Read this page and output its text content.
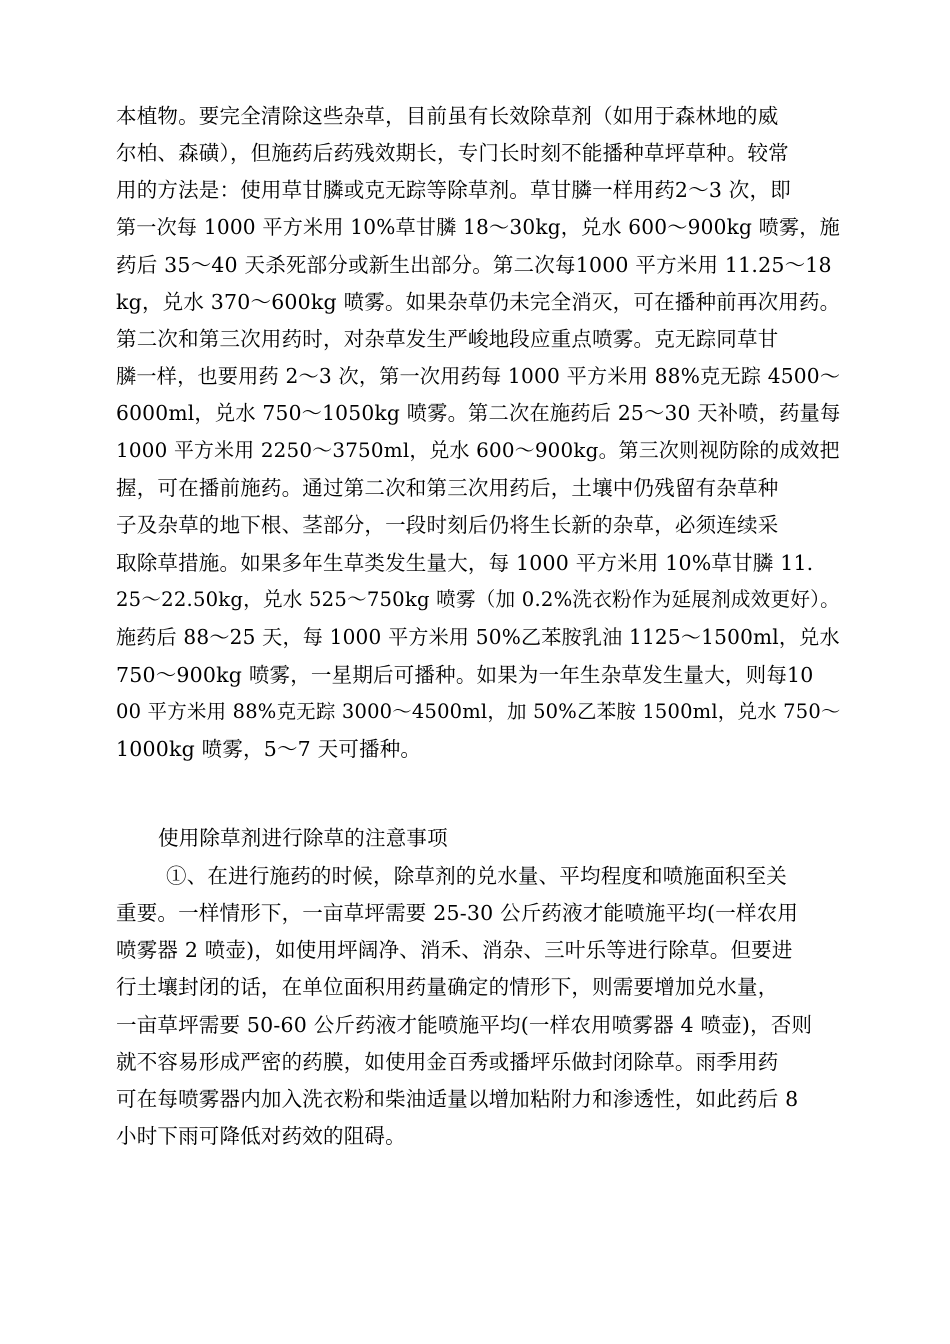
本植物。要完全清除这些杂草，目前虽有长效除草剂（如用于森林地的威
尔柏、森磺），但施药后药残效期长，专门长时刻不能播种草坪草种。较常
用的方法是：使用草甘膦或克无踪等除草剂。草甘膦一样用药2～3 次，即
第一次每 1000 平方米用 10%草甘膦 18～30kg，兑水 600～900kg 喷雾，施
药后 35～40 天杀死部分或新生出部分。第二次每1000 平方米用 11.25～18
kg，兑水 370～600kg 喷雾。如果杂草仍未完全消灭，可在播种前再次用药。
第二次和第三次用药时，对杂草发生严峻地段应重点喷雾。克无踪同草甘
膦一样，也要用药 2～3 次，第一次用药每 1000 平方米用 88%克无踪 4500～
6000ml，兑水 750～1050kg 喷雾。第二次在施药后 25～30 天补喷，药量每
1000 平方米用 2250～3750ml，兑水 600～900kg。第三次则视防除的成效把
握，可在播前施药。通过第二次和第三次用药后，土壤中仍残留有杂草种
子及杂草的地下根、茎部分，一段时刻后仍将生长新的杂草，必须连续采
取除草措施。如果多年生草类发生量大，每 1000 平方米用 10%草甘膦 11.
25～22.50kg，兑水 525～750kg 喷雾（加 0.2%洗衣粉作为延展剂成效更好）。
施药后 88～25 天，每 1000 平方米用 50%乙苯胺乳油 1125～1500ml，兑水
750～900kg 喷雾，一星期后可播种。如果为一年生杂草发生量大，则每10
00 平方米用 88%克无踪 3000～4500ml，加 50%乙苯胺 1500ml，兑水 750～
1000kg 喷雾，5～7 天可播种。
使用除草剂进行除草的注意事项
①、在进行施药的时候，除草剂的兑水量、平均程度和喷施面积至关
重要。一样情形下，一亩草坪需要 25-30 公斤药液才能喷施平均(一样农用
喷雾器 2 喷壶)，如使用坪阔净、消禾、消杂、三叶乐等进行除草。但要进
行土壤封闭的话，在单位面积用药量确定的情形下，则需要增加兑水量，
一亩草坪需要 50-60 公斤药液才能喷施平均(一样农用喷雾器 4 喷壶)，否则
就不容易形成严密的药膜，如使用金百秀或播坪乐做封闭除草。雨季用药
可在每喷雾器内加入洗衣粉和柴油适量以增加粘附力和渗透性，如此药后 8
小时下雨可降低对药效的阻碍。
